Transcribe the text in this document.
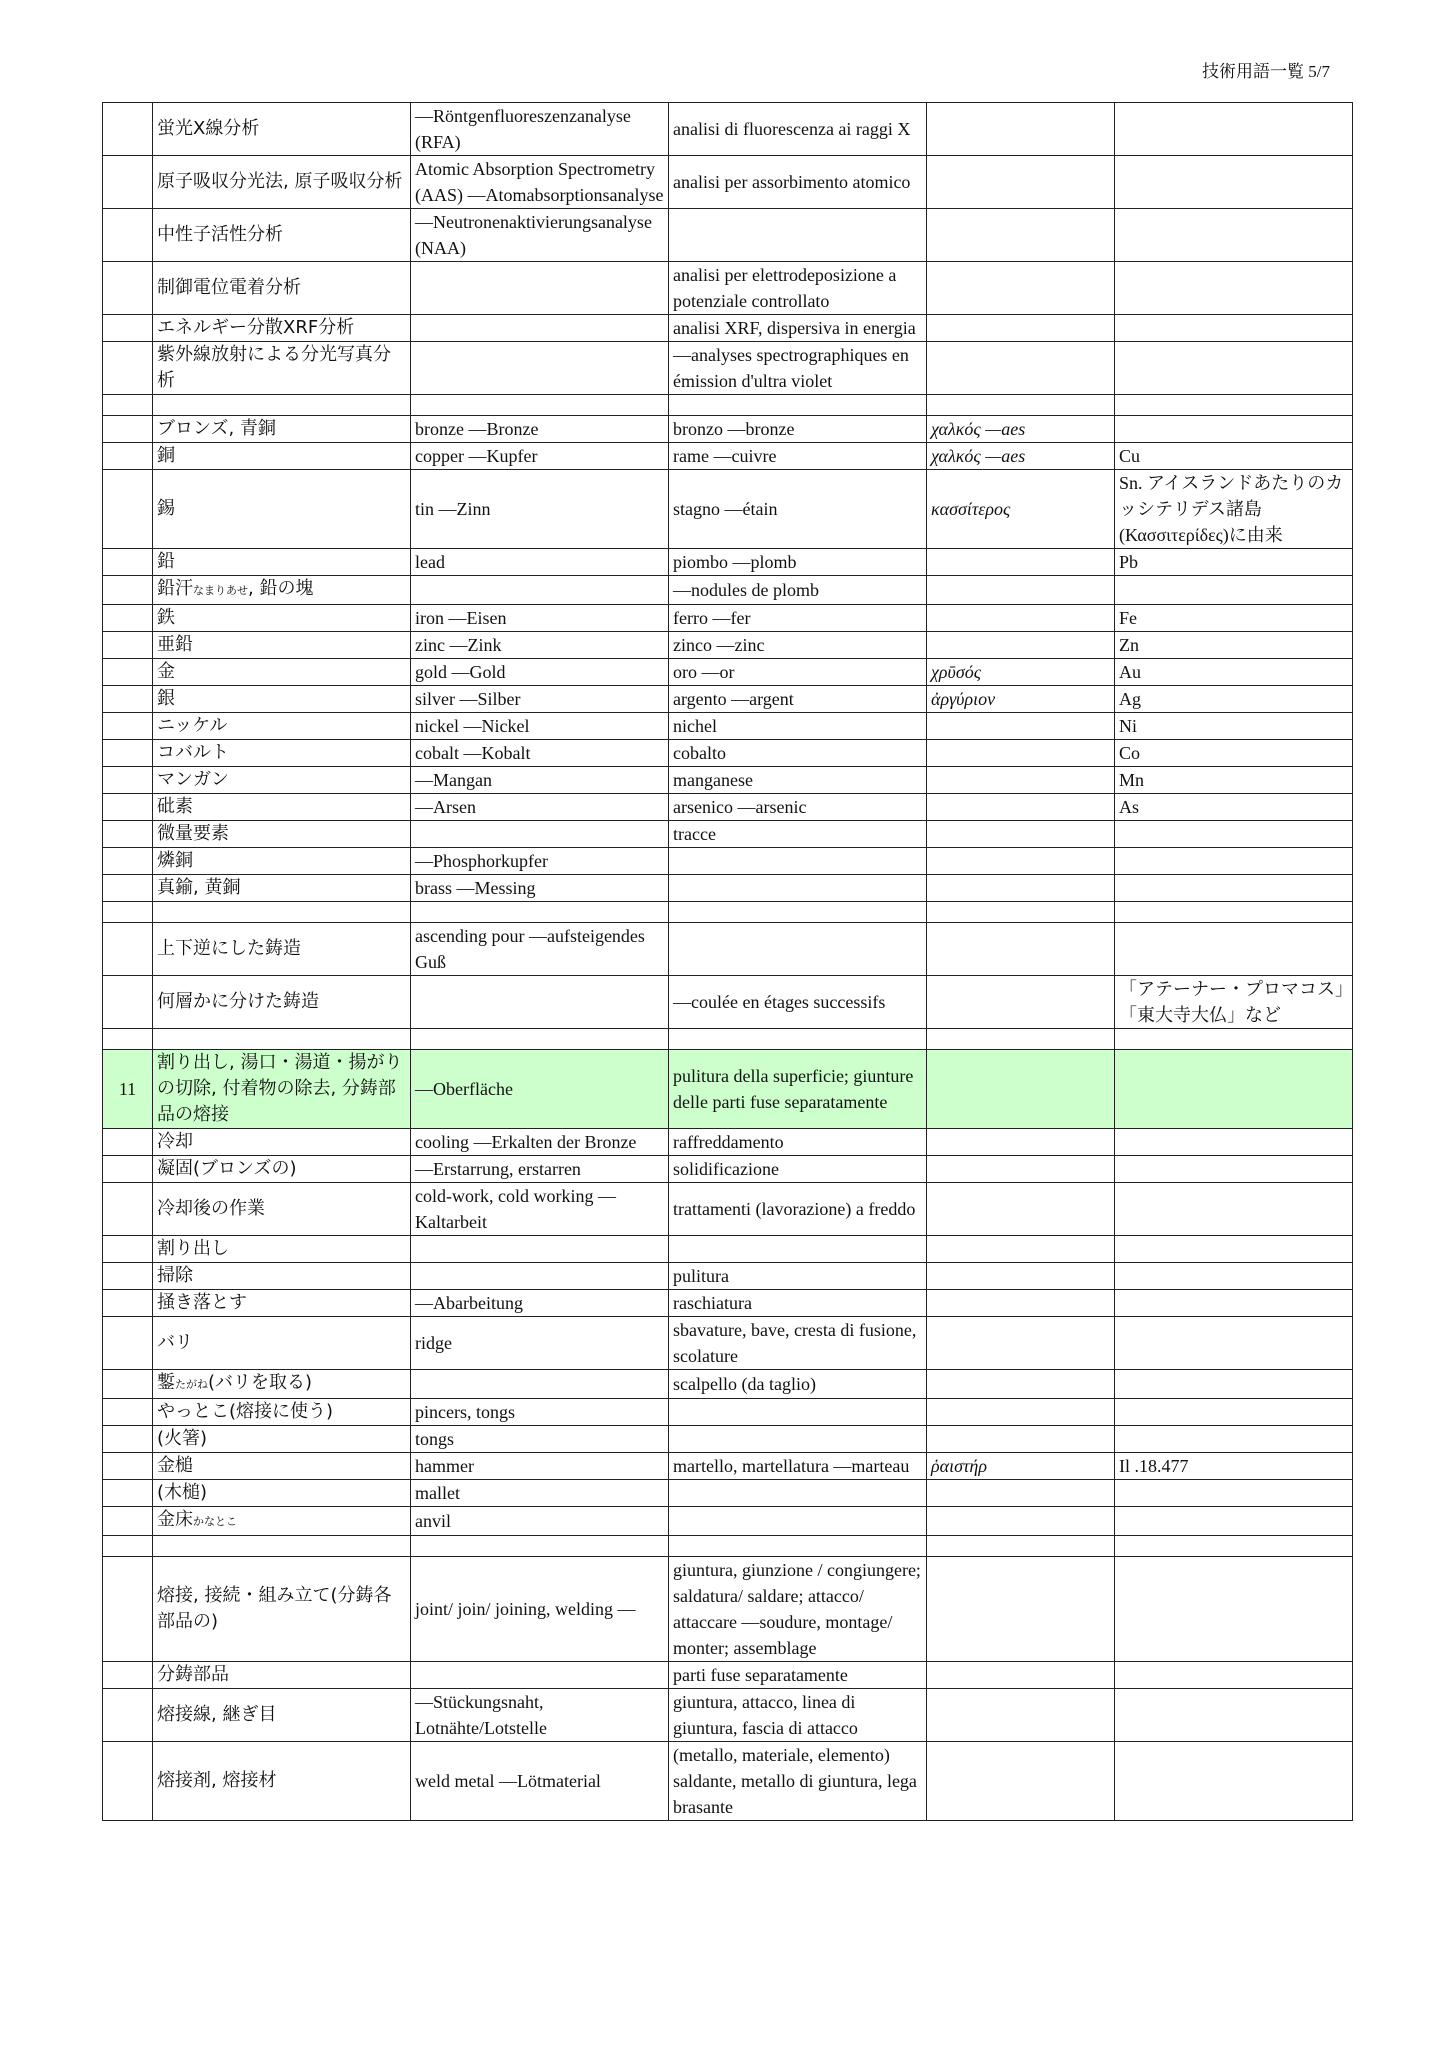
技術用語一覧 5/7
	蛍光X線分析	—Röntgenfluoreszenzanalyse (RFA)	analisi di fluorescenza ai raggi X		
	原子吸収分光法, 原子吸収分析	Atomic Absorption Spectrometry (AAS) —Atomabsorptionsanalyse	analisi per assorbimento atomico		
	中性子活性分析	—Neutronenaktivierungsanalyse (NAA)			
	制御電位電着分析		analisi per elettrodeposizione a potenziale controllato		
	エネルギー分散XRF分析		analisi XRF, dispersiva in energia		
	紫外線放射による分光写真分析		—analyses spectrographiques en émission d'ultra violet		

	ブロンズ, 青銅	bronze —Bronze	bronzo —bronze	χαλκός —aes	
	銅	copper —Kupfer	rame —cuivre	χαλκός —aes	Cu
	錫	tin —Zinn	stagno —étain	κασσίτερος	Sn. アイスランドあたりのカッシテリデス諸島(Κασσιτερίδες)に由来
	鉛	lead	piombo —plomb		Pb
	鉛汗なまりあせ, 鉛の塊		—nodules de plomb		
	鉄	iron —Eisen	ferro —fer		Fe
	亜鉛	zinc —Zink	zinco —zinc		Zn
	金	gold —Gold	oro —or	χρῡσός	Au
	銀	silver —Silber	argento —argent	ἀργύριον	Ag
	ニッケル	nickel —Nickel	nichel		Ni
	コバルト	cobalt —Kobalt	cobalto		Co
	マンガン	—Mangan	manganese		Mn
	砒素	—Arsen	arsenico —arsenic		As
	微量要素		tracce		
	燐銅	—Phosphorkupfer			
	真鍮, 黄銅	brass —Messing			

	上下逆にした鋳造	ascending pour —aufsteigendes Guß			
	何層かに分けた鋳造		—coulée en étages successifs		「アテーナー・プロマコス」「東大寺大仏」など

11	割り出し, 湯口・湯道・揚がりの切除, 付着物の除去, 分鋳部品の熔接	—Oberfläche	pulitura della superficie; giunture delle parti fuse separatamente		
	冷却	cooling —Erkalten der Bronze	raffreddamento		
	凝固(ブロンズの)	—Erstarrung, erstarren	solidificazione		
	冷却後の作業	cold-work, cold working —Kaltarbeit	trattamenti (lavorazione) a freddo		
	割り出し				
	掃除		pulitura		
	掻き落とす	—Abarbeitung	raschiatura		
	バリ	ridge	sbavature, bave, cresta di fusione, scolature		
	鏨たがね(バリを取る)		scalpello (da taglio)		
	やっとこ(熔接に使う)	pincers, tongs			
	(火箸)	tongs			
	金槌	hammer	martello, martellatura —marteau	ῥαιστήρ	Il .18.477
	(木槌)	mallet			
	金床かなとこ	anvil			

	熔接, 接続・組み立て(分鋳各部品の)	joint/ join/ joining, welding —	giuntura, giunzione / congiungere; saldatura/ saldare; attacco/ attaccare —soudure, montage/ monter; assemblage		
	分鋳部品		parti fuse separatamente		
	熔接線, 継ぎ目	—Stückungsnaht, Lotnähte/Lotstelle	giuntura, attacco, linea di giuntura, fascia di attacco		
	熔接剤, 熔接材	weld metal —Lötmaterial	(metallo, materiale, elemento) saldante, metallo di giuntura, lega brasante		
